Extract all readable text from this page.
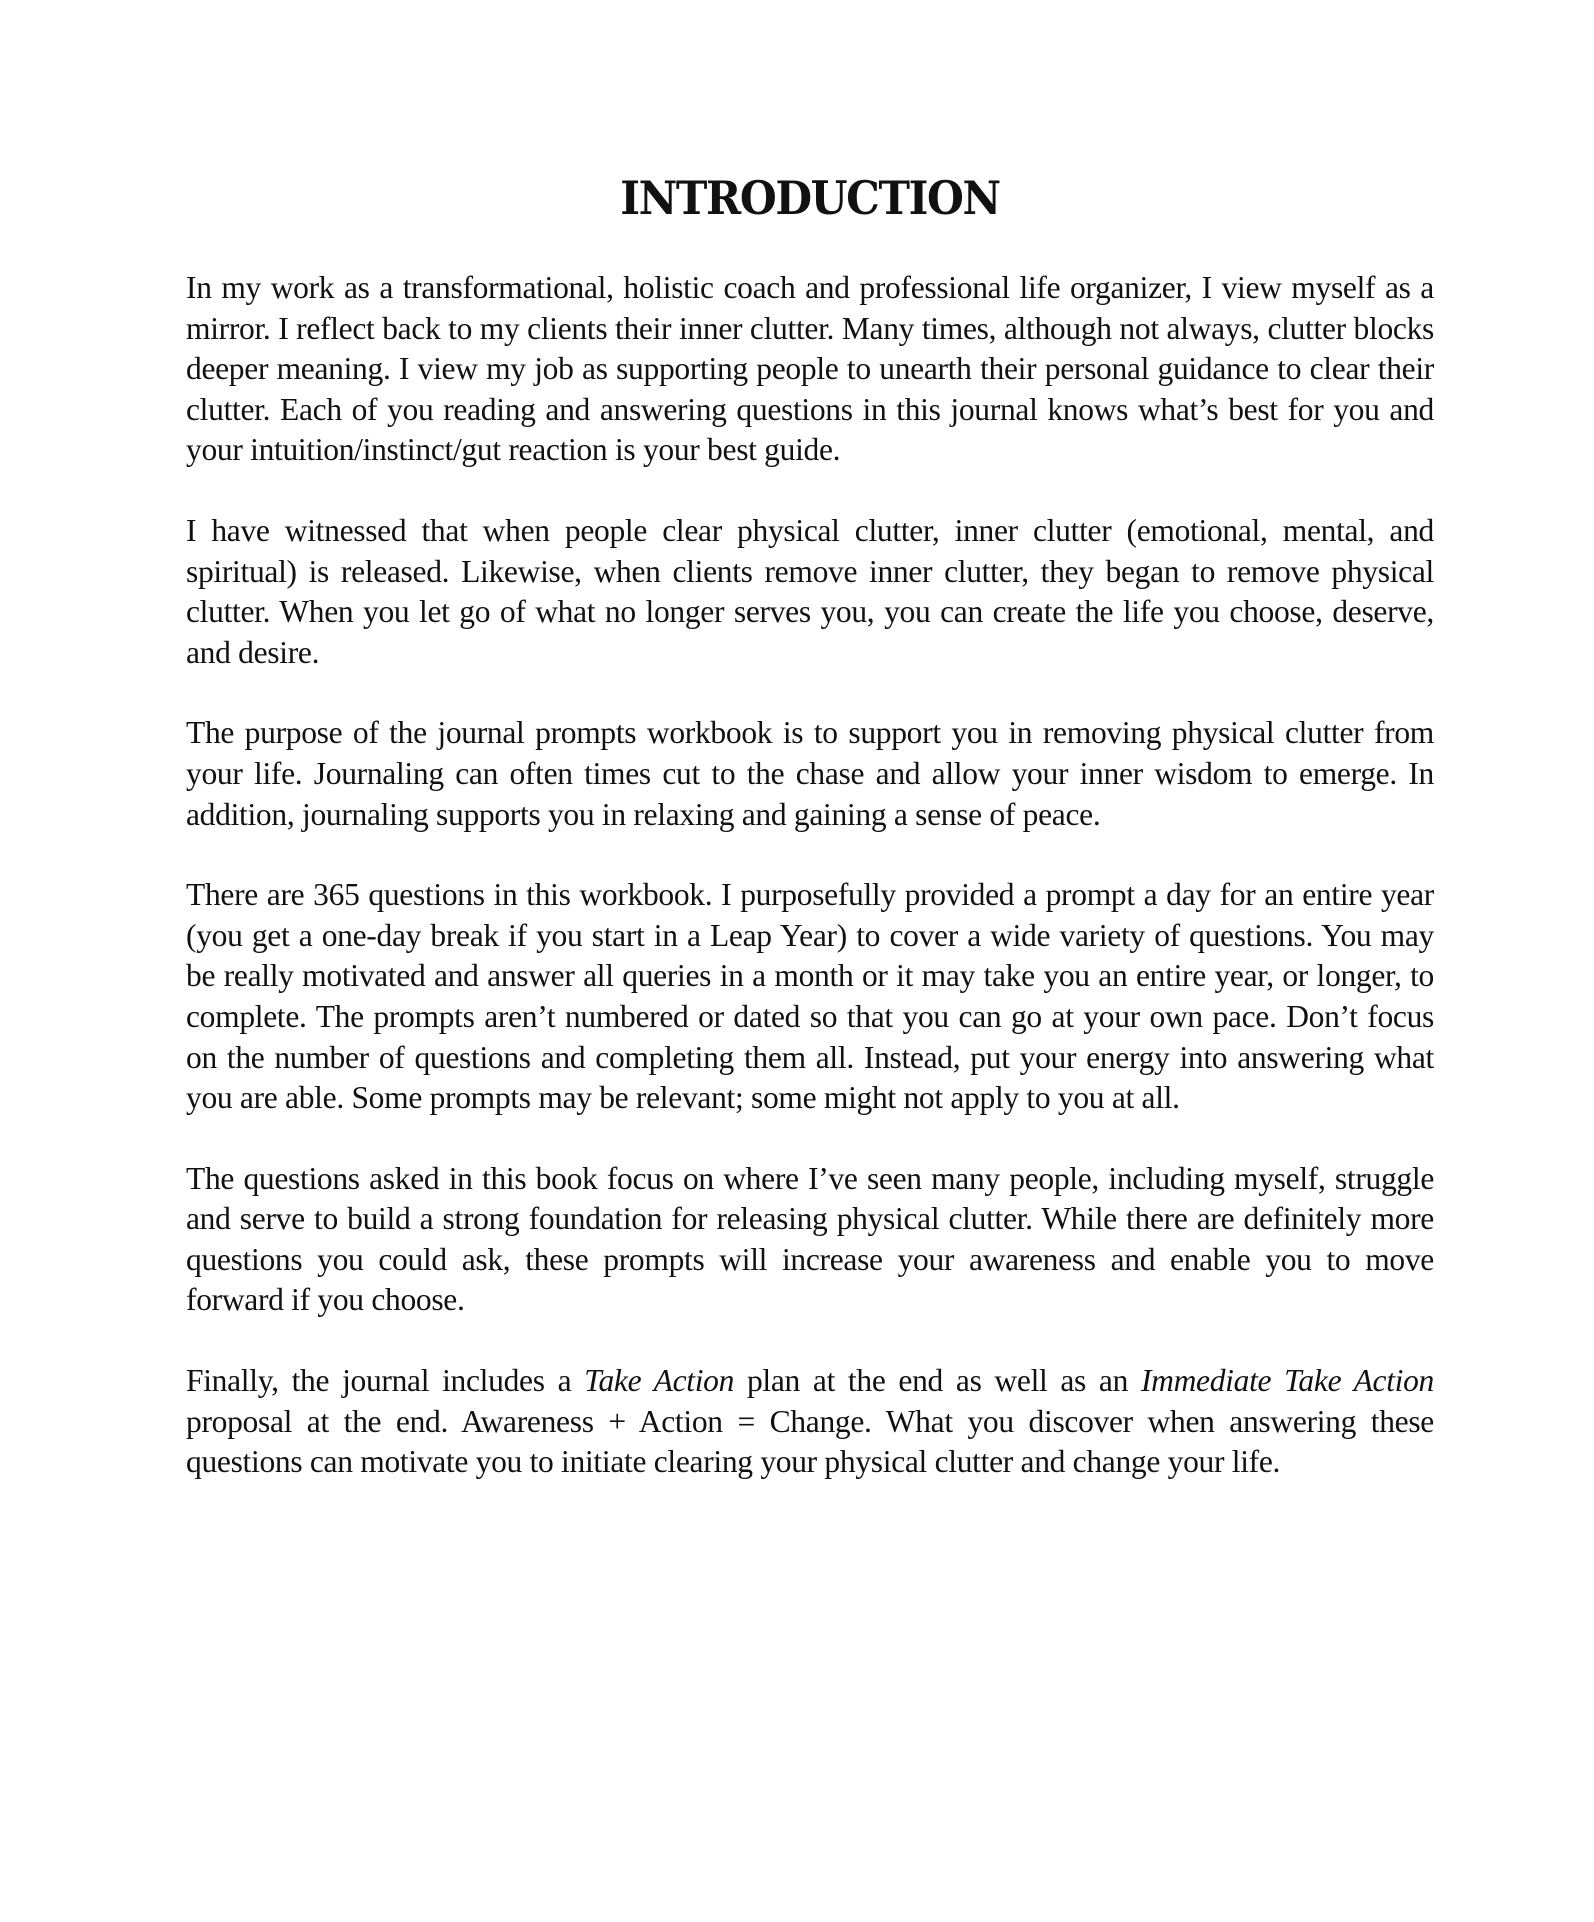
INTRODUCTION

In my work as a transformational, holistic coach and professional life organizer, I view myself as a mirror. I reflect back to my clients their inner clutter. Many times, although not always, clutter blocks deeper meaning. I view my job as supporting people to unearth their personal guidance to clear their clutter. Each of you reading and answering questions in this journal knows what’s best for you and your intuition/instinct/gut reaction is your best guide.

I have witnessed that when people clear physical clutter, inner clutter (emotional, mental, and spiritual) is released. Likewise, when clients remove inner clutter, they began to remove physical clutter. When you let go of what no longer serves you, you can create the life you choose, deserve, and desire.

The purpose of the journal prompts workbook is to support you in removing physical clutter from your life. Journaling can often times cut to the chase and allow your inner wisdom to emerge. In addition, journaling supports you in relaxing and gaining a sense of peace.

There are 365 questions in this workbook. I purposefully provided a prompt a day for an entire year (you get a one-day break if you start in a Leap Year) to cover a wide variety of questions. You may be really motivated and answer all queries in a month or it may take you an entire year, or longer, to complete. The prompts aren’t numbered or dated so that you can go at your own pace. Don’t focus on the number of questions and completing them all. Instead, put your energy into answering what you are able. Some prompts may be relevant; some might not apply to you at all.

The questions asked in this book focus on where I’ve seen many people, including myself, struggle and serve to build a strong foundation for releasing physical clutter. While there are definitely more questions you could ask, these prompts will increase your awareness and enable you to move forward if you choose.

Finally, the journal includes a Take Action plan at the end as well as an Immediate Take Action proposal at the end. Awareness + Action = Change. What you discover when answering these questions can motivate you to initiate clearing your physical clutter and change your life.
